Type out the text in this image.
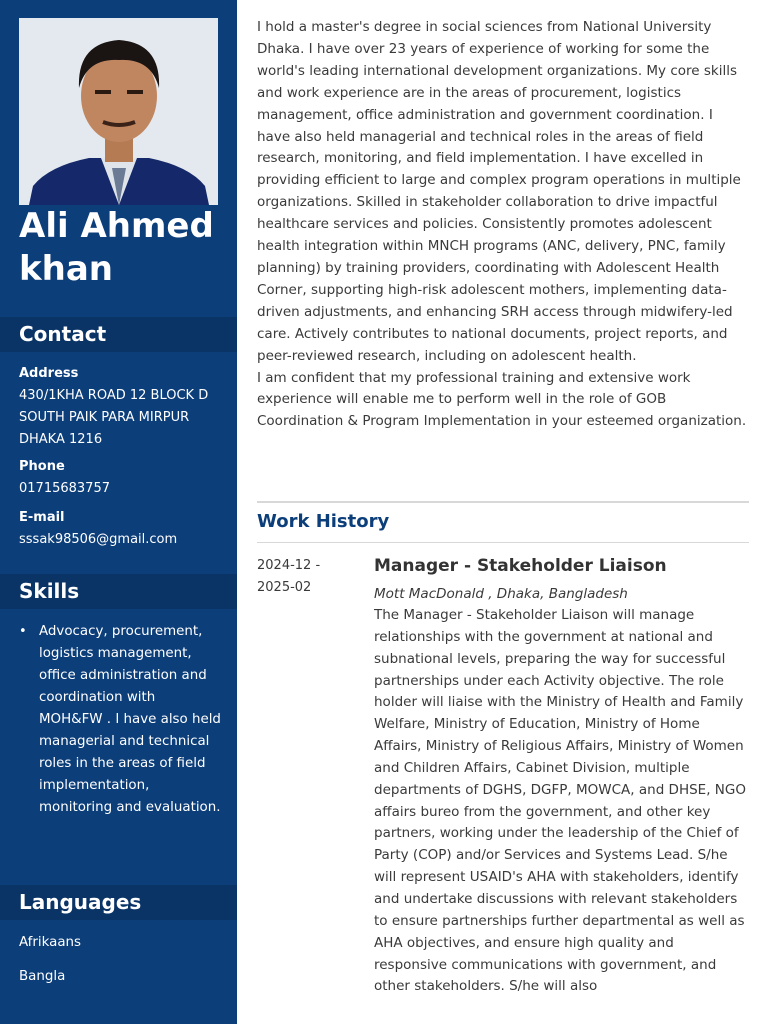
Ali Ahmed khan
Contact
Address
430/1KHA ROAD 12 BLOCK D SOUTH PAIK PARA MIRPUR DHAKA 1216
Phone
01715683757
E-mail
sssak98506@gmail.com
Skills
• Advocacy, procurement, logistics management, office administration and coordination with MOH&FW . I have also held managerial and technical roles in the areas of field implementation, monitoring and evaluation.
Languages
Afrikaans
Bangla

I hold a master's degree in social sciences from National University Dhaka. I have over 23 years of experience of working for some the world's leading international development organizations. My core skills and work experience are in the areas of procurement, logistics management, office administration and government coordination. I have also held managerial and technical roles in the areas of field research, monitoring, and field implementation. I have excelled in providing efficient to large and complex program operations in multiple organizations. Skilled in stakeholder collaboration to drive impactful healthcare services and policies. Consistently promotes adolescent health integration within MNCH programs (ANC, delivery, PNC, family planning) by training providers, coordinating with Adolescent Health Corner, supporting high-risk adolescent mothers, implementing data-driven adjustments, and enhancing SRH access through midwifery-led care. Actively contributes to national documents, project reports, and peer-reviewed research, including on adolescent health.

I am confident that my professional training and extensive work experience will enable me to perform well in the role of GOB Coordination & Program Implementation in your esteemed organization.

Work History
2024-12 -
2025-02
Manager - Stakeholder Liaison
Mott MacDonald , Dhaka, Bangladesh

The Manager - Stakeholder Liaison will manage relationships with the government at national and subnational levels, preparing the way for successful partnerships under each Activity objective. The role holder will liaise with the Ministry of Health and Family Welfare, Ministry of Education, Ministry of Home Affairs, Ministry of Religious Affairs, Ministry of Women and Children Affairs, Cabinet Division, multiple departments of DGHS, DGFP, MOWCA, and DHSE, NGO affairs bureo from the government, and other key partners, working under the leadership of the Chief of Party (COP) and/or Services and Systems Lead. S/he will represent USAID's AHA with stakeholders, identify and undertake discussions with relevant stakeholders to ensure partnerships further departmental as well as AHA objectives, and ensure high quality and responsive communications with government, and other stakeholders. S/he will also
